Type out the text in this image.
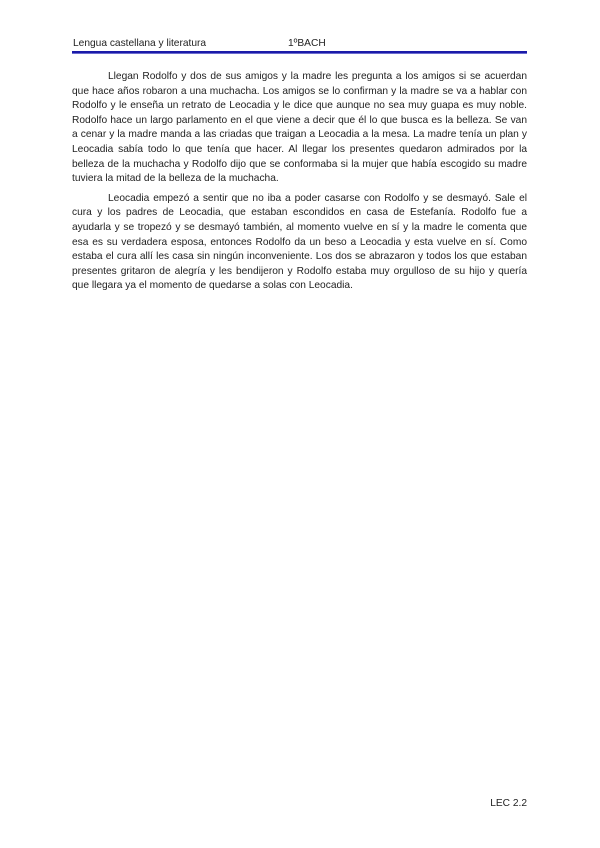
Lengua castellana y literatura	1ºBACH

Llegan Rodolfo y dos de sus amigos y la madre les pregunta a los amigos si se acuerdan que hace años robaron a una muchacha. Los amigos se lo confirman y la madre se va a hablar con Rodolfo y le enseña un retrato de Leocadia y le dice que aunque no sea muy guapa es muy noble. Rodolfo hace un largo parlamento en el que viene a decir que él lo que busca es la belleza. Se van a cenar y la madre manda a las criadas que traigan a Leocadia a la mesa. La madre tenía un plan y Leocadia sabía todo lo que tenía que hacer. Al llegar los presentes quedaron admirados por la belleza de la muchacha y Rodolfo dijo que se conformaba si la mujer que había escogido su madre tuviera la mitad de la belleza de la muchacha.

Leocadia empezó a sentir que no iba a poder casarse con Rodolfo y se desmayó. Sale el cura y los padres de Leocadia, que estaban escondidos en casa de Estefanía. Rodolfo fue a ayudarla y se tropezó y se desmayó también, al momento vuelve en sí y la madre le comenta que esa es su verdadera esposa, entonces Rodolfo da un beso a Leocadia y esta vuelve en sí. Como estaba el cura allí les casa sin ningún inconveniente. Los dos se abrazaron y todos los que estaban presentes gritaron de alegría y les bendijeron y Rodolfo estaba muy orgulloso de su hijo y quería que llegara ya el momento de quedarse a solas con Leocadia.

LEC 2.2
